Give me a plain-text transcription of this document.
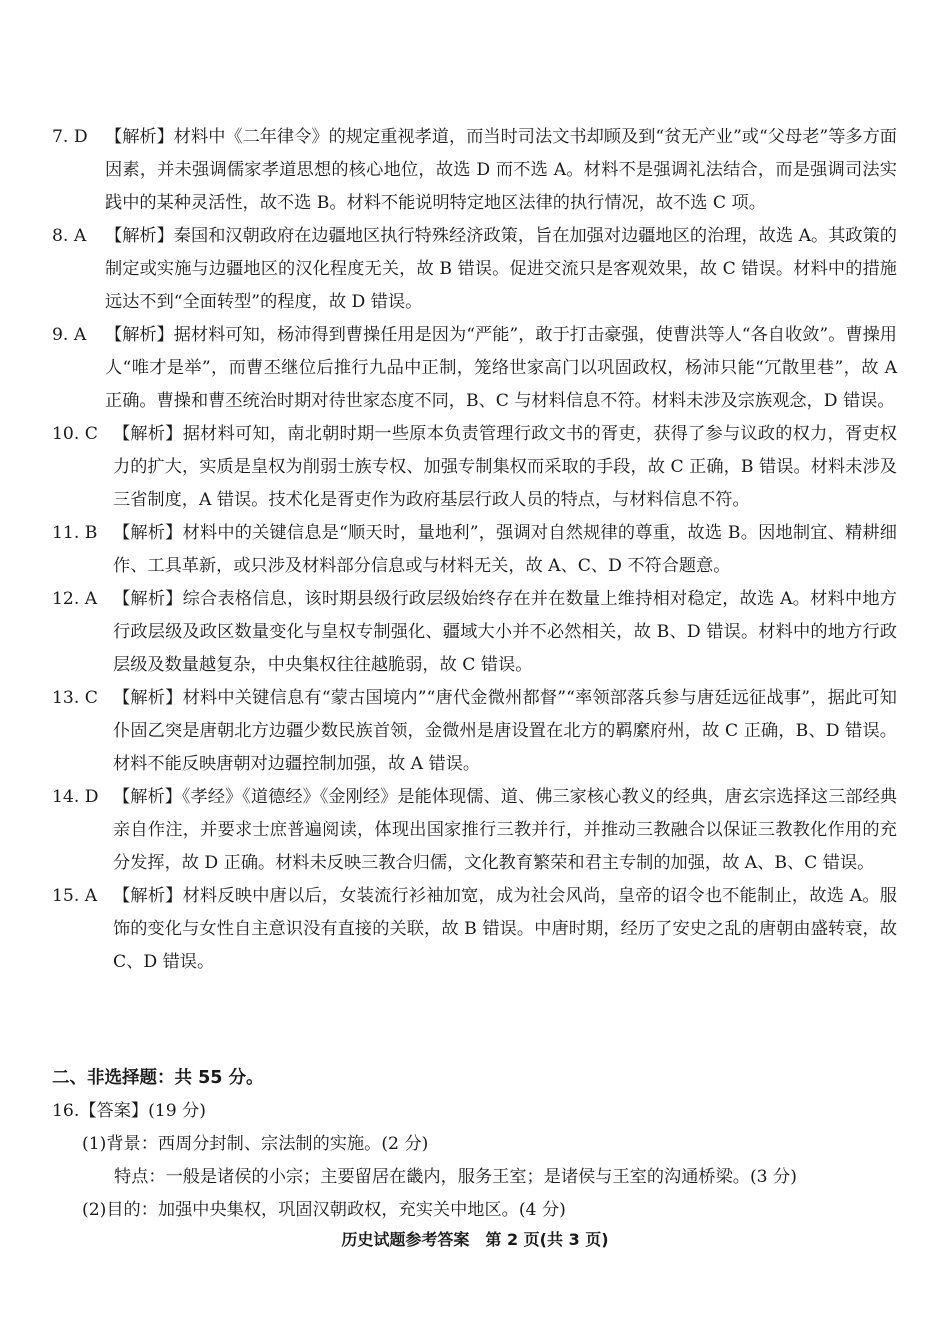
7. D 【解析】材料中《二年律令》的规定重视孝道，而当时司法文书却顾及到“贫无产业”或“父母老”等多方面因素，并未强调儒家孝道思想的核心地位，故选 D 而不选 A。材料不是强调礼法结合，而是强调司法实践中的某种灵活性，故不选 B。材料不能说明特定地区法律的执行情况，故不选 C 项。
8. A 【解析】秦国和汉朝政府在边疆地区执行特殊经济政策，旨在加强对边疆地区的治理，故选 A。其政策的制定或实施与边疆地区的汉化程度无关，故 B 错误。促进交流只是客观效果，故 C 错误。材料中的措施远达不到“全面转型”的程度，故 D 错误。
9. A 【解析】据材料可知，杨沛得到曹操任用是因为“严能”，敢于打击豪强，使曹洪等人“各自收敛”。曹操用人“唯才是举”，而曹丕继位后推行九品中正制，笼络世家高门以巩固政权，杨沛只能“冗散里巷”，故 A 正确。曹操和曹丕统治时期对待世家态度不同，B、C 与材料信息不符。材料未涉及宗族观念，D 错误。
10. C 【解析】据材料可知，南北朝时期一些原本负责管理行政文书的胥吏，获得了参与议政的权力，胥吏权力的扩大，实质是皇权为削弱士族专权、加强专制集权而采取的手段，故 C 正确，B 错误。材料未涉及三省制度，A 错误。技术化是胥吏作为政府基层行政人员的特点，与材料信息不符。
11. B 【解析】材料中的关键信息是“顺天时，量地利”，强调对自然规律的尊重，故选 B。因地制宜、精耕细作、工具革新，或只涉及材料部分信息或与材料无关，故 A、C、D 不符合题意。
12. A 【解析】综合表格信息，该时期县级行政层级始终存在并在数量上维持相对稳定，故选 A。材料中地方行政层级及政区数量变化与皇权专制强化、疆域大小并不必然相关，故 B、D 错误。材料中的地方行政层级及数量越复杂，中央集权往往越脆弱，故 C 错误。
13. C 【解析】材料中关键信息有“蒙古国境内”“唐代金微州都督”“率领部落兵参与唐廷远征战事”，据此可知仆固乙突是唐朝北方边疆少数民族首领，金微州是唐设置在北方的羁縻府州，故 C 正确，B、D 错误。材料不能反映唐朝对边疆控制加强，故 A 错误。
14. D 【解析】《孝经》《道德经》《金刚经》是能体现儒、道、佛三家核心教义的经典，唐玄宗选择这三部经典亲自作注，并要求士庶普遍阅读，体现出国家推行三教并行，并推动三教融合以保证三教教化作用的充分发挥，故 D 正确。材料未反映三教合归儒，文化教育繁荣和君主专制的加强，故 A、B、C 错误。
15. A 【解析】材料反映中唐以后，女装流行衫袖加宽，成为社会风尚，皇帝的诏令也不能制止，故选 A。服饰的变化与女性自主意识没有直接的关联，故 B 错误。中唐时期，经历了安史之乱的唐朝由盛转衰，故 C、D 错误。
二、非选择题：共 55 分。
16.【答案】(19 分)
(1)背景：西周分封制、宗法制的实施。(2 分)
特点：一般是诸侯的小宗；主要留居在畿内，服务王室；是诸侯与王室的沟通桥梁。(3 分)
(2)目的：加强中央集权，巩固汉朝政权，充实关中地区。(4 分)
历史试题参考答案　第 2 页(共 3 页)
